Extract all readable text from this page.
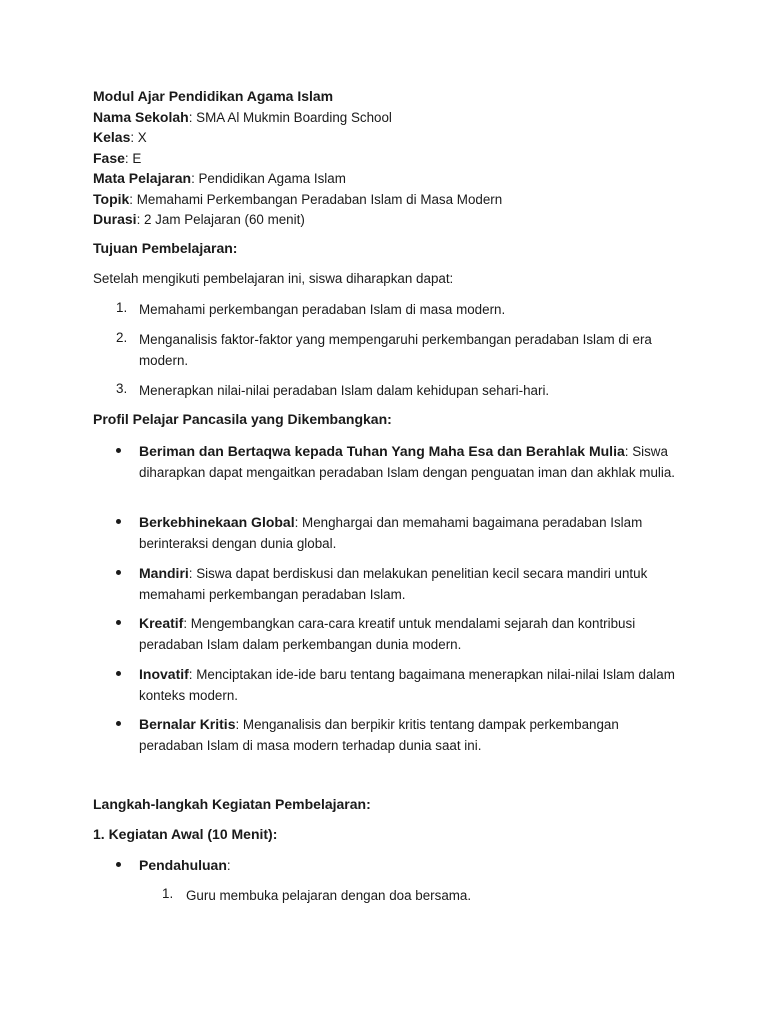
Modul Ajar Pendidikan Agama Islam
Nama Sekolah: SMA Al Mukmin Boarding School
Kelas: X
Fase: E
Mata Pelajaran: Pendidikan Agama Islam
Topik: Memahami Perkembangan Peradaban Islam di Masa Modern
Durasi: 2 Jam Pelajaran (60 menit)
Tujuan Pembelajaran:
Setelah mengikuti pembelajaran ini, siswa diharapkan dapat:
1. Memahami perkembangan peradaban Islam di masa modern.
2. Menganalisis faktor-faktor yang mempengaruhi perkembangan peradaban Islam di era modern.
3. Menerapkan nilai-nilai peradaban Islam dalam kehidupan sehari-hari.
Profil Pelajar Pancasila yang Dikembangkan:
Beriman dan Bertaqwa kepada Tuhan Yang Maha Esa dan Berahlak Mulia: Siswa diharapkan dapat mengaitkan peradaban Islam dengan penguatan iman dan akhlak mulia.
Berkebhinekaan Global: Menghargai dan memahami bagaimana peradaban Islam berinteraksi dengan dunia global.
Mandiri: Siswa dapat berdiskusi dan melakukan penelitian kecil secara mandiri untuk memahami perkembangan peradaban Islam.
Kreatif: Mengembangkan cara-cara kreatif untuk mendalami sejarah dan kontribusi peradaban Islam dalam perkembangan dunia modern.
Inovatif: Menciptakan ide-ide baru tentang bagaimana menerapkan nilai-nilai Islam dalam konteks modern.
Bernalar Kritis: Menganalisis dan berpikir kritis tentang dampak perkembangan peradaban Islam di masa modern terhadap dunia saat ini.
Langkah-langkah Kegiatan Pembelajaran:
1. Kegiatan Awal (10 Menit):
Pendahuluan:
1. Guru membuka pelajaran dengan doa bersama.
